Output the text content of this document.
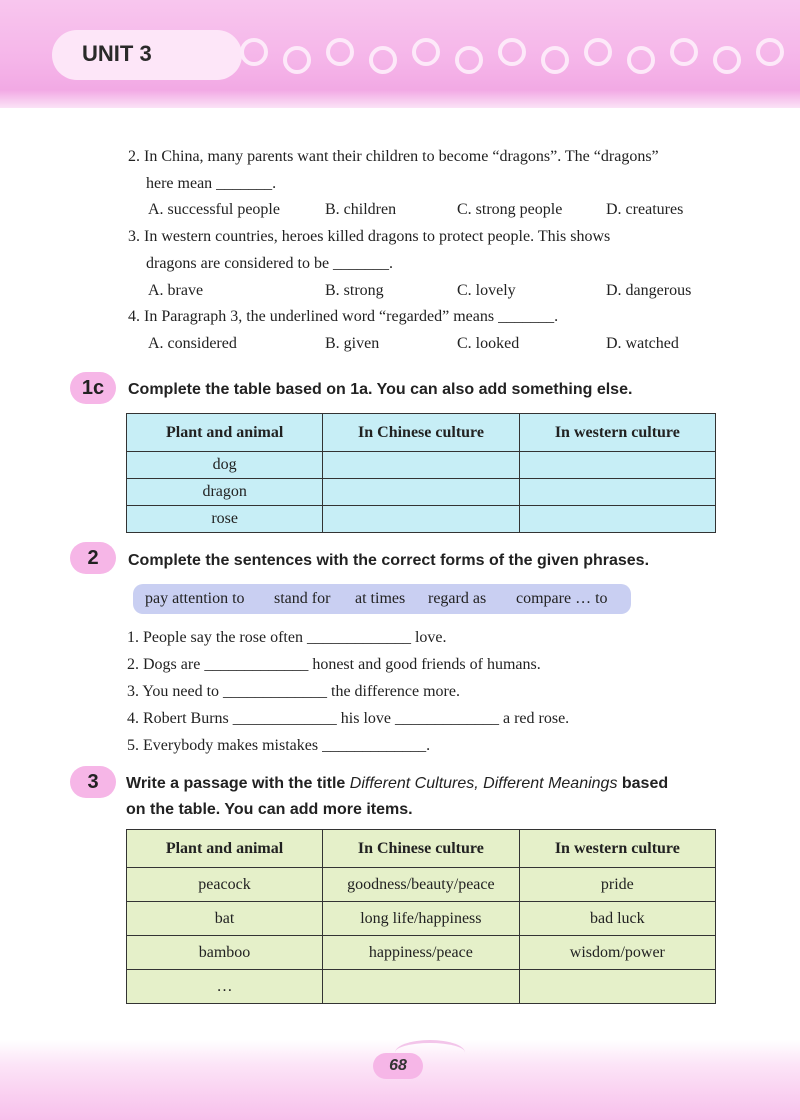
UNIT 3
2. In China, many parents want their children to become “dragons”. The “dragons”
here mean _______.
A. successful people	B. children	C. strong people	D. creatures
3. In western countries, heroes killed dragons to protect people. This shows
dragons are considered to be _______.
A. brave	B. strong	C. lovely	D. dangerous
4. In Paragraph 3, the underlined word “regarded” means _______.
A. considered	B. given	C. looked	D. watched
1c	Complete the table based on 1a. You can also add something else.
Plant and animal	In Chinese culture	In western culture
dog		
dragon		
rose		
2	Complete the sentences with the correct forms of the given phrases.
pay attention to stand for at times regard as compare … to
1. People say the rose often _____________ love.
2. Dogs are _____________ honest and good friends of humans.
3. You need to _____________ the difference more.
4. Robert Burns _____________ his love _____________ a red rose.
5. Everybody makes mistakes _____________.
3	Write a passage with the title Different Cultures, Different Meanings based
on the table. You can add more items.
Plant and animal	In Chinese culture	In western culture
peacock	goodness/beauty/peace	pride
bat	long life/happiness	bad luck
bamboo	happiness/peace	wisdom/power
…		
68
